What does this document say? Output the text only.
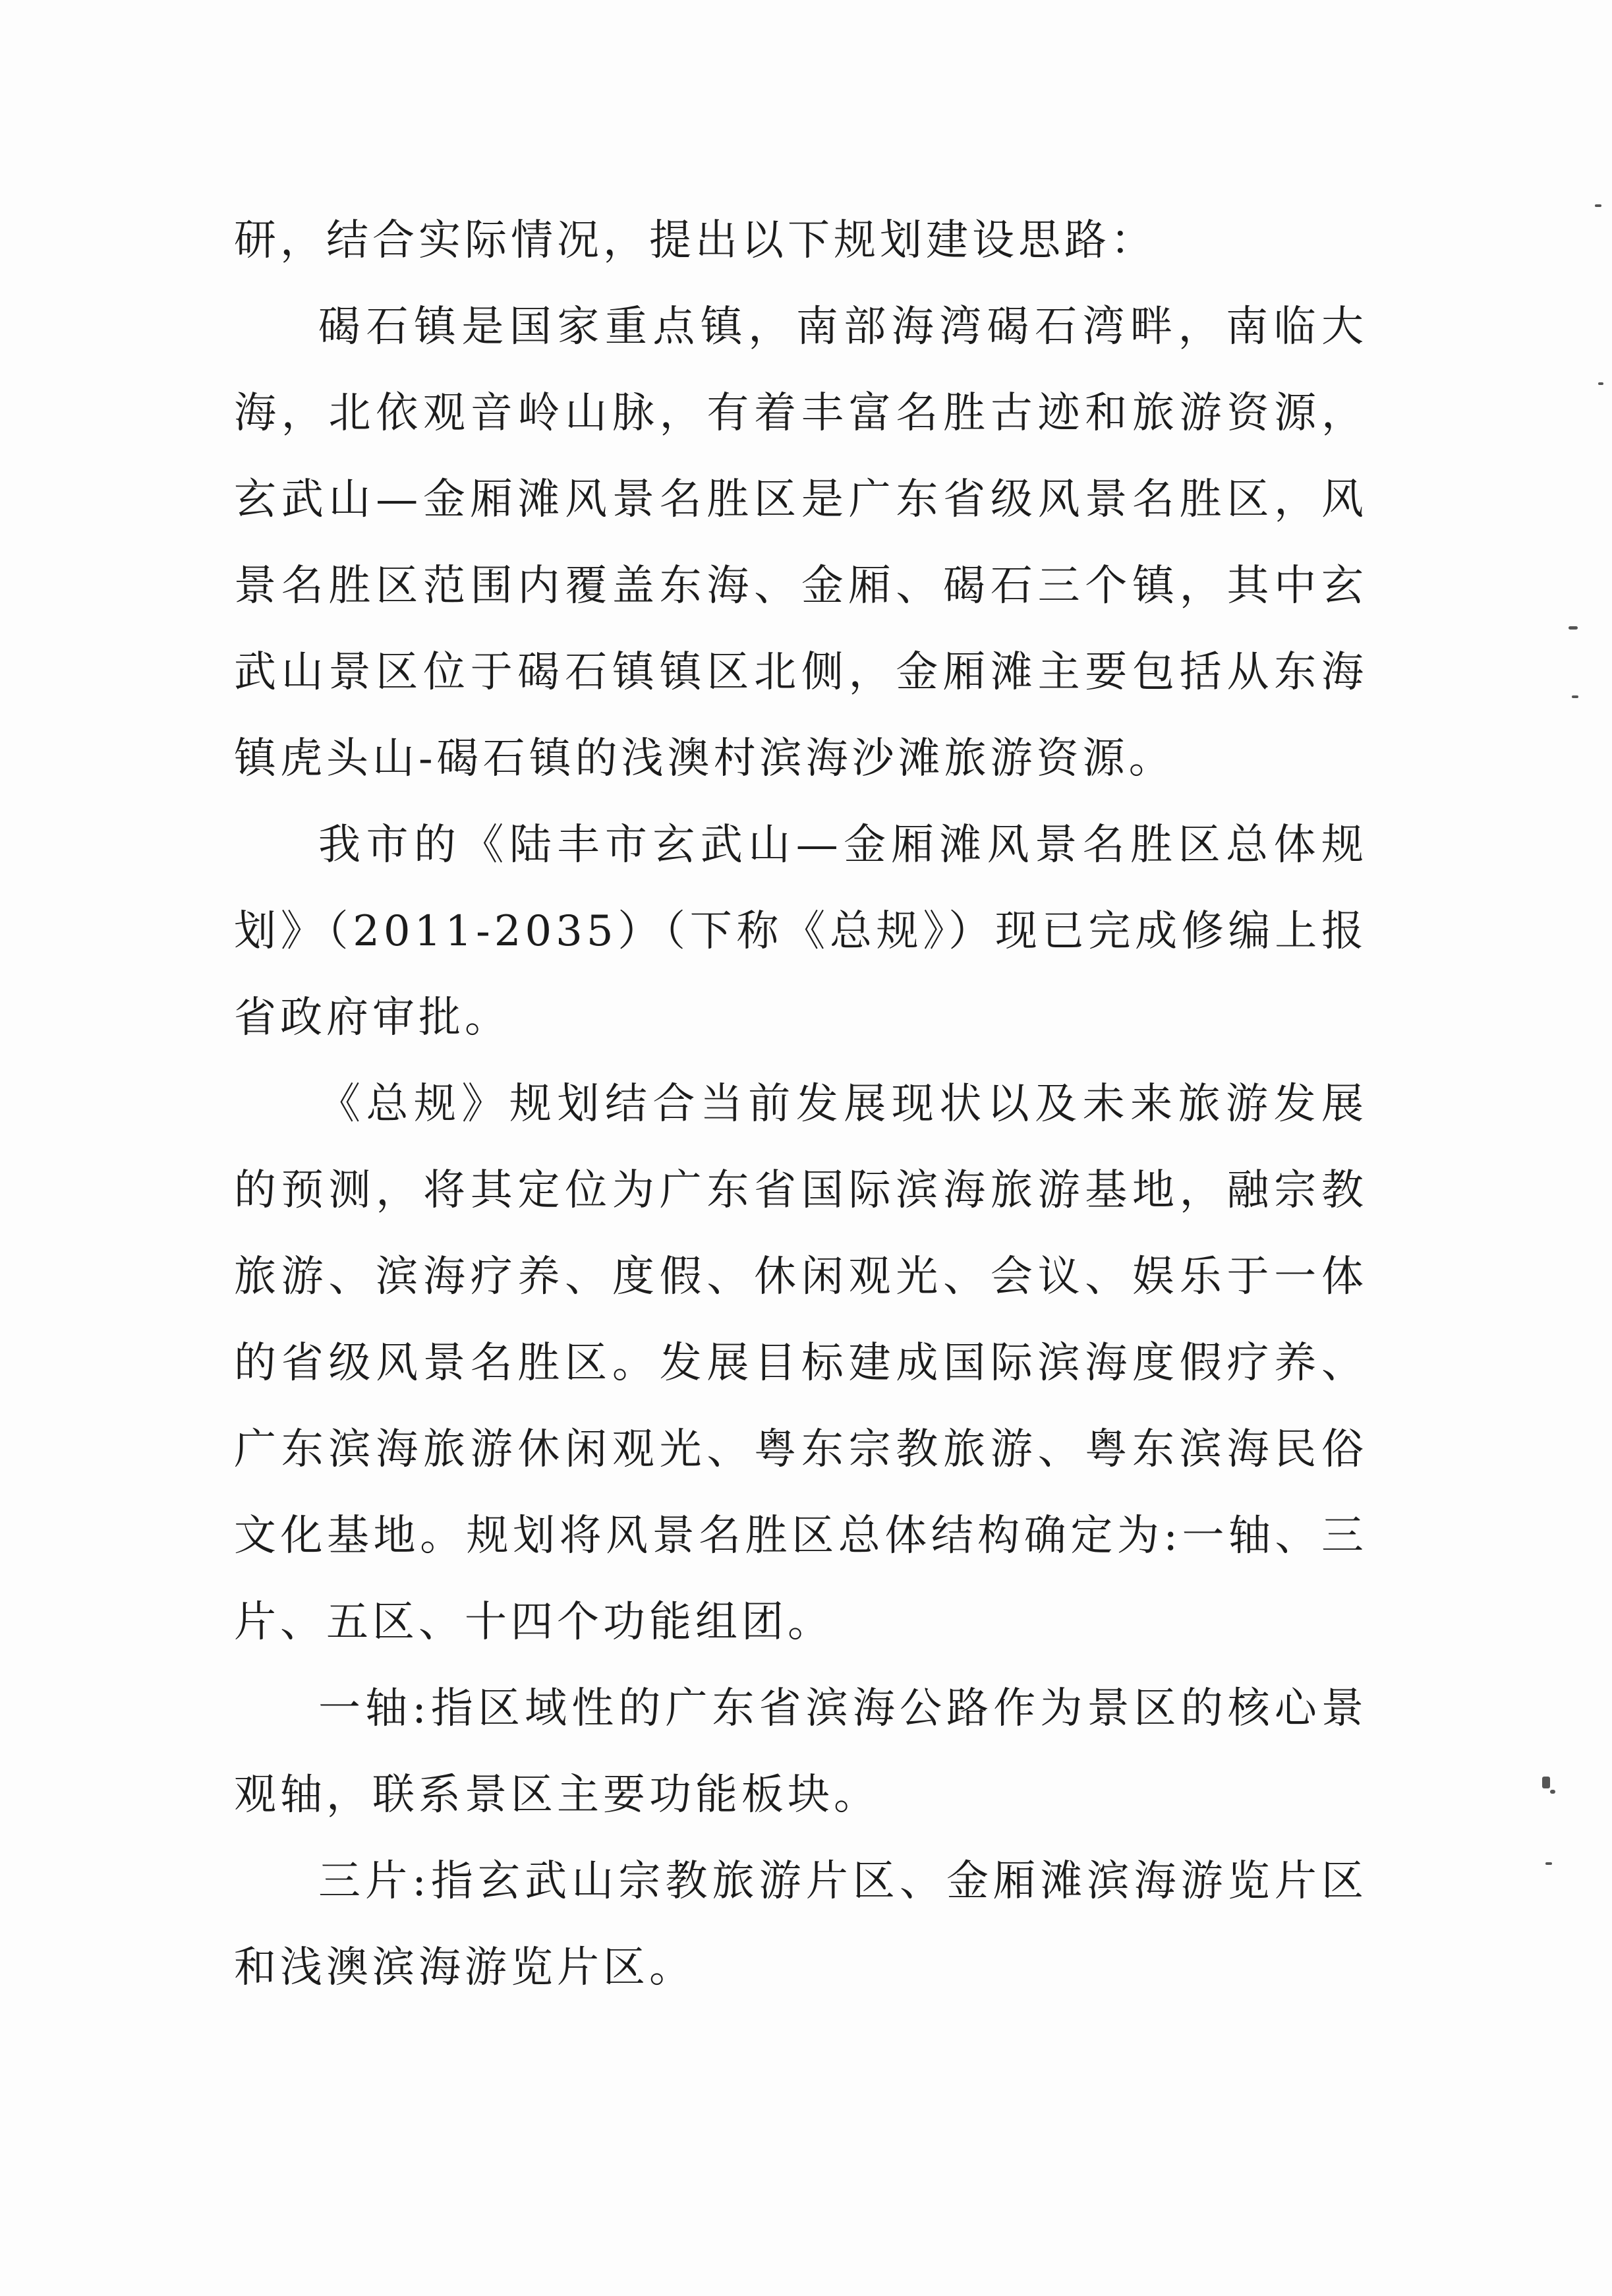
研，结合实际情况，提出以下规划建设思路：

碣石镇是国家重点镇，南部海湾碣石湾畔，南临大海，北依观音岭山脉，有着丰富名胜古迹和旅游资源，玄武山—金厢滩风景名胜区是广东省级风景名胜区，风景名胜区范围内覆盖东海、金厢、碣石三个镇，其中玄武山景区位于碣石镇镇区北侧，金厢滩主要包括从东海镇虎头山-碣石镇的浅澳村滨海沙滩旅游资源。

我市的《陆丰市玄武山—金厢滩风景名胜区总体规划》（2011-2035）（下称《总规》）现已完成修编上报省政府审批。

《总规》规划结合当前发展现状以及未来旅游发展的预测，将其定位为广东省国际滨海旅游基地，融宗教旅游、滨海疗养、度假、休闲观光、会议、娱乐于一体的省级风景名胜区。发展目标建成国际滨海度假疗养、广东滨海旅游休闲观光、粤东宗教旅游、粤东滨海民俗文化基地。规划将风景名胜区总体结构确定为:一轴、三片、五区、十四个功能组团。

一轴:指区域性的广东省滨海公路作为景区的核心景观轴，联系景区主要功能板块。

三片:指玄武山宗教旅游片区、金厢滩滨海游览片区和浅澳滨海游览片区。
